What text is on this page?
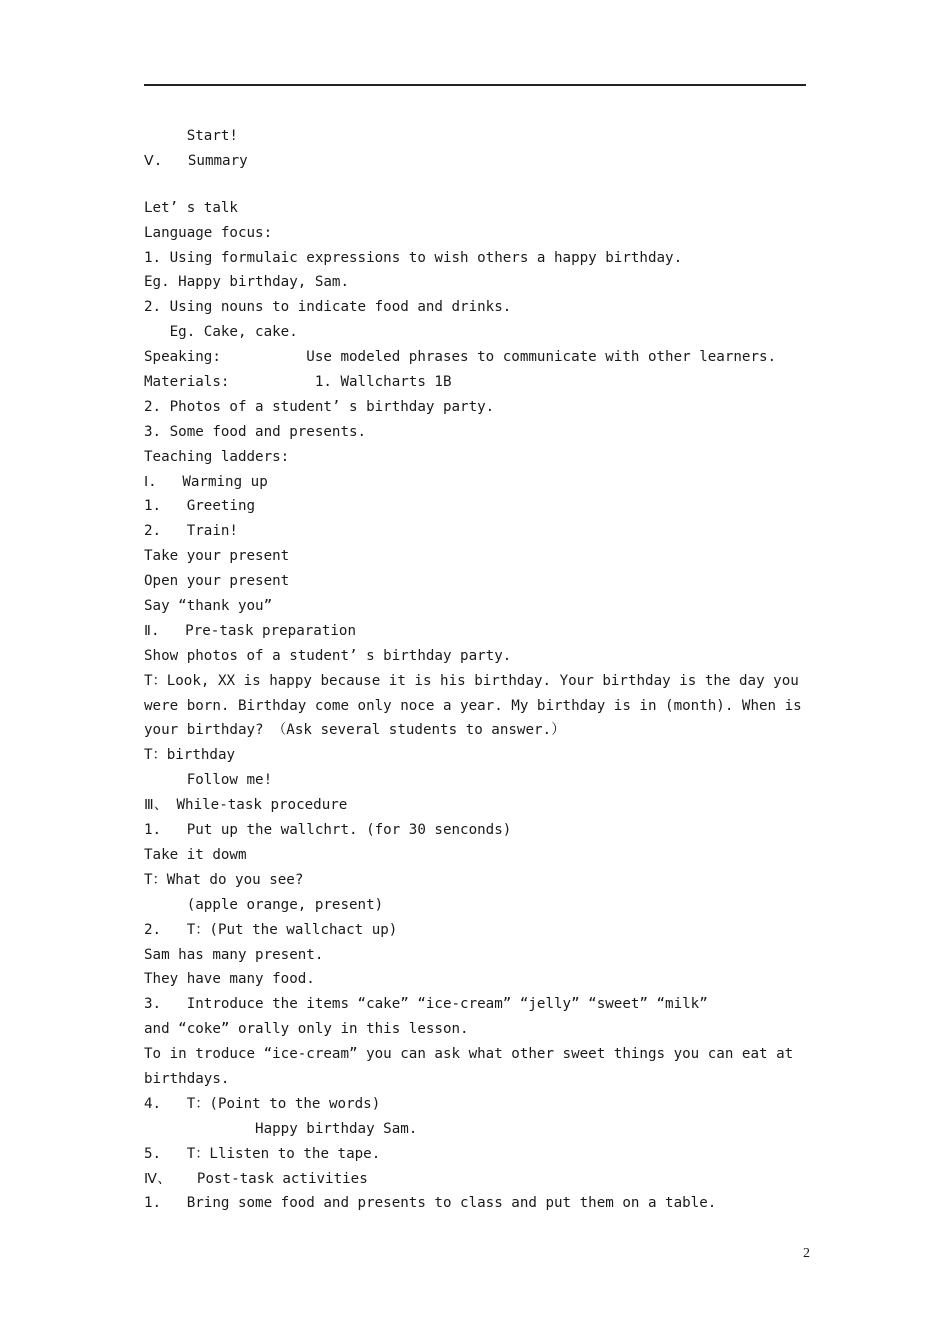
Start!
Ⅴ.   Summary
Let’ s talk
Language focus:
1. Using formulaic expressions to wish others a happy birthday.
Eg. Happy birthday, Sam.
2. Using nouns to indicate food and drinks.
Eg. Cake, cake.
Speaking:          Use modeled phrases to communicate with other learners.
Materials:          1. Wallcharts 1B
2. Photos of a student’ s birthday party.
3. Some food and presents.
Teaching ladders:
Ⅰ.   Warming up
1.   Greeting
2.   Train!
Take your present
Open your present
Say “thank you”
Ⅱ.   Pre-task preparation
Show photos of a student’ s birthday party.
T：Look, XX is happy because it is his birthday. Your birthday is the day you
were born. Birthday come only noce a year. My birthday is in (month). When is
your birthday? （Ask several students to answer.）
T：birthday
Follow me!
Ⅲ、 While-task procedure
1.   Put up the wallchrt. (for 30 senconds)
Take it dowm
T：What do you see?
(apple orange, present)
2.   T：(Put the wallchact up)
Sam has many present.
They have many food.
3.   Introduce the items “cake” “ice-cream” “jelly” “sweet” “milk”
and “coke” orally only in this lesson.
To in troduce “ice-cream” you can ask what other sweet things you can eat at
birthdays.
4.   T：(Point to the words)
Happy birthday Sam.
5.   T：Llisten to the tape.
Ⅳ、   Post-task activities
1.   Bring some food and presents to class and put them on a table.
2
